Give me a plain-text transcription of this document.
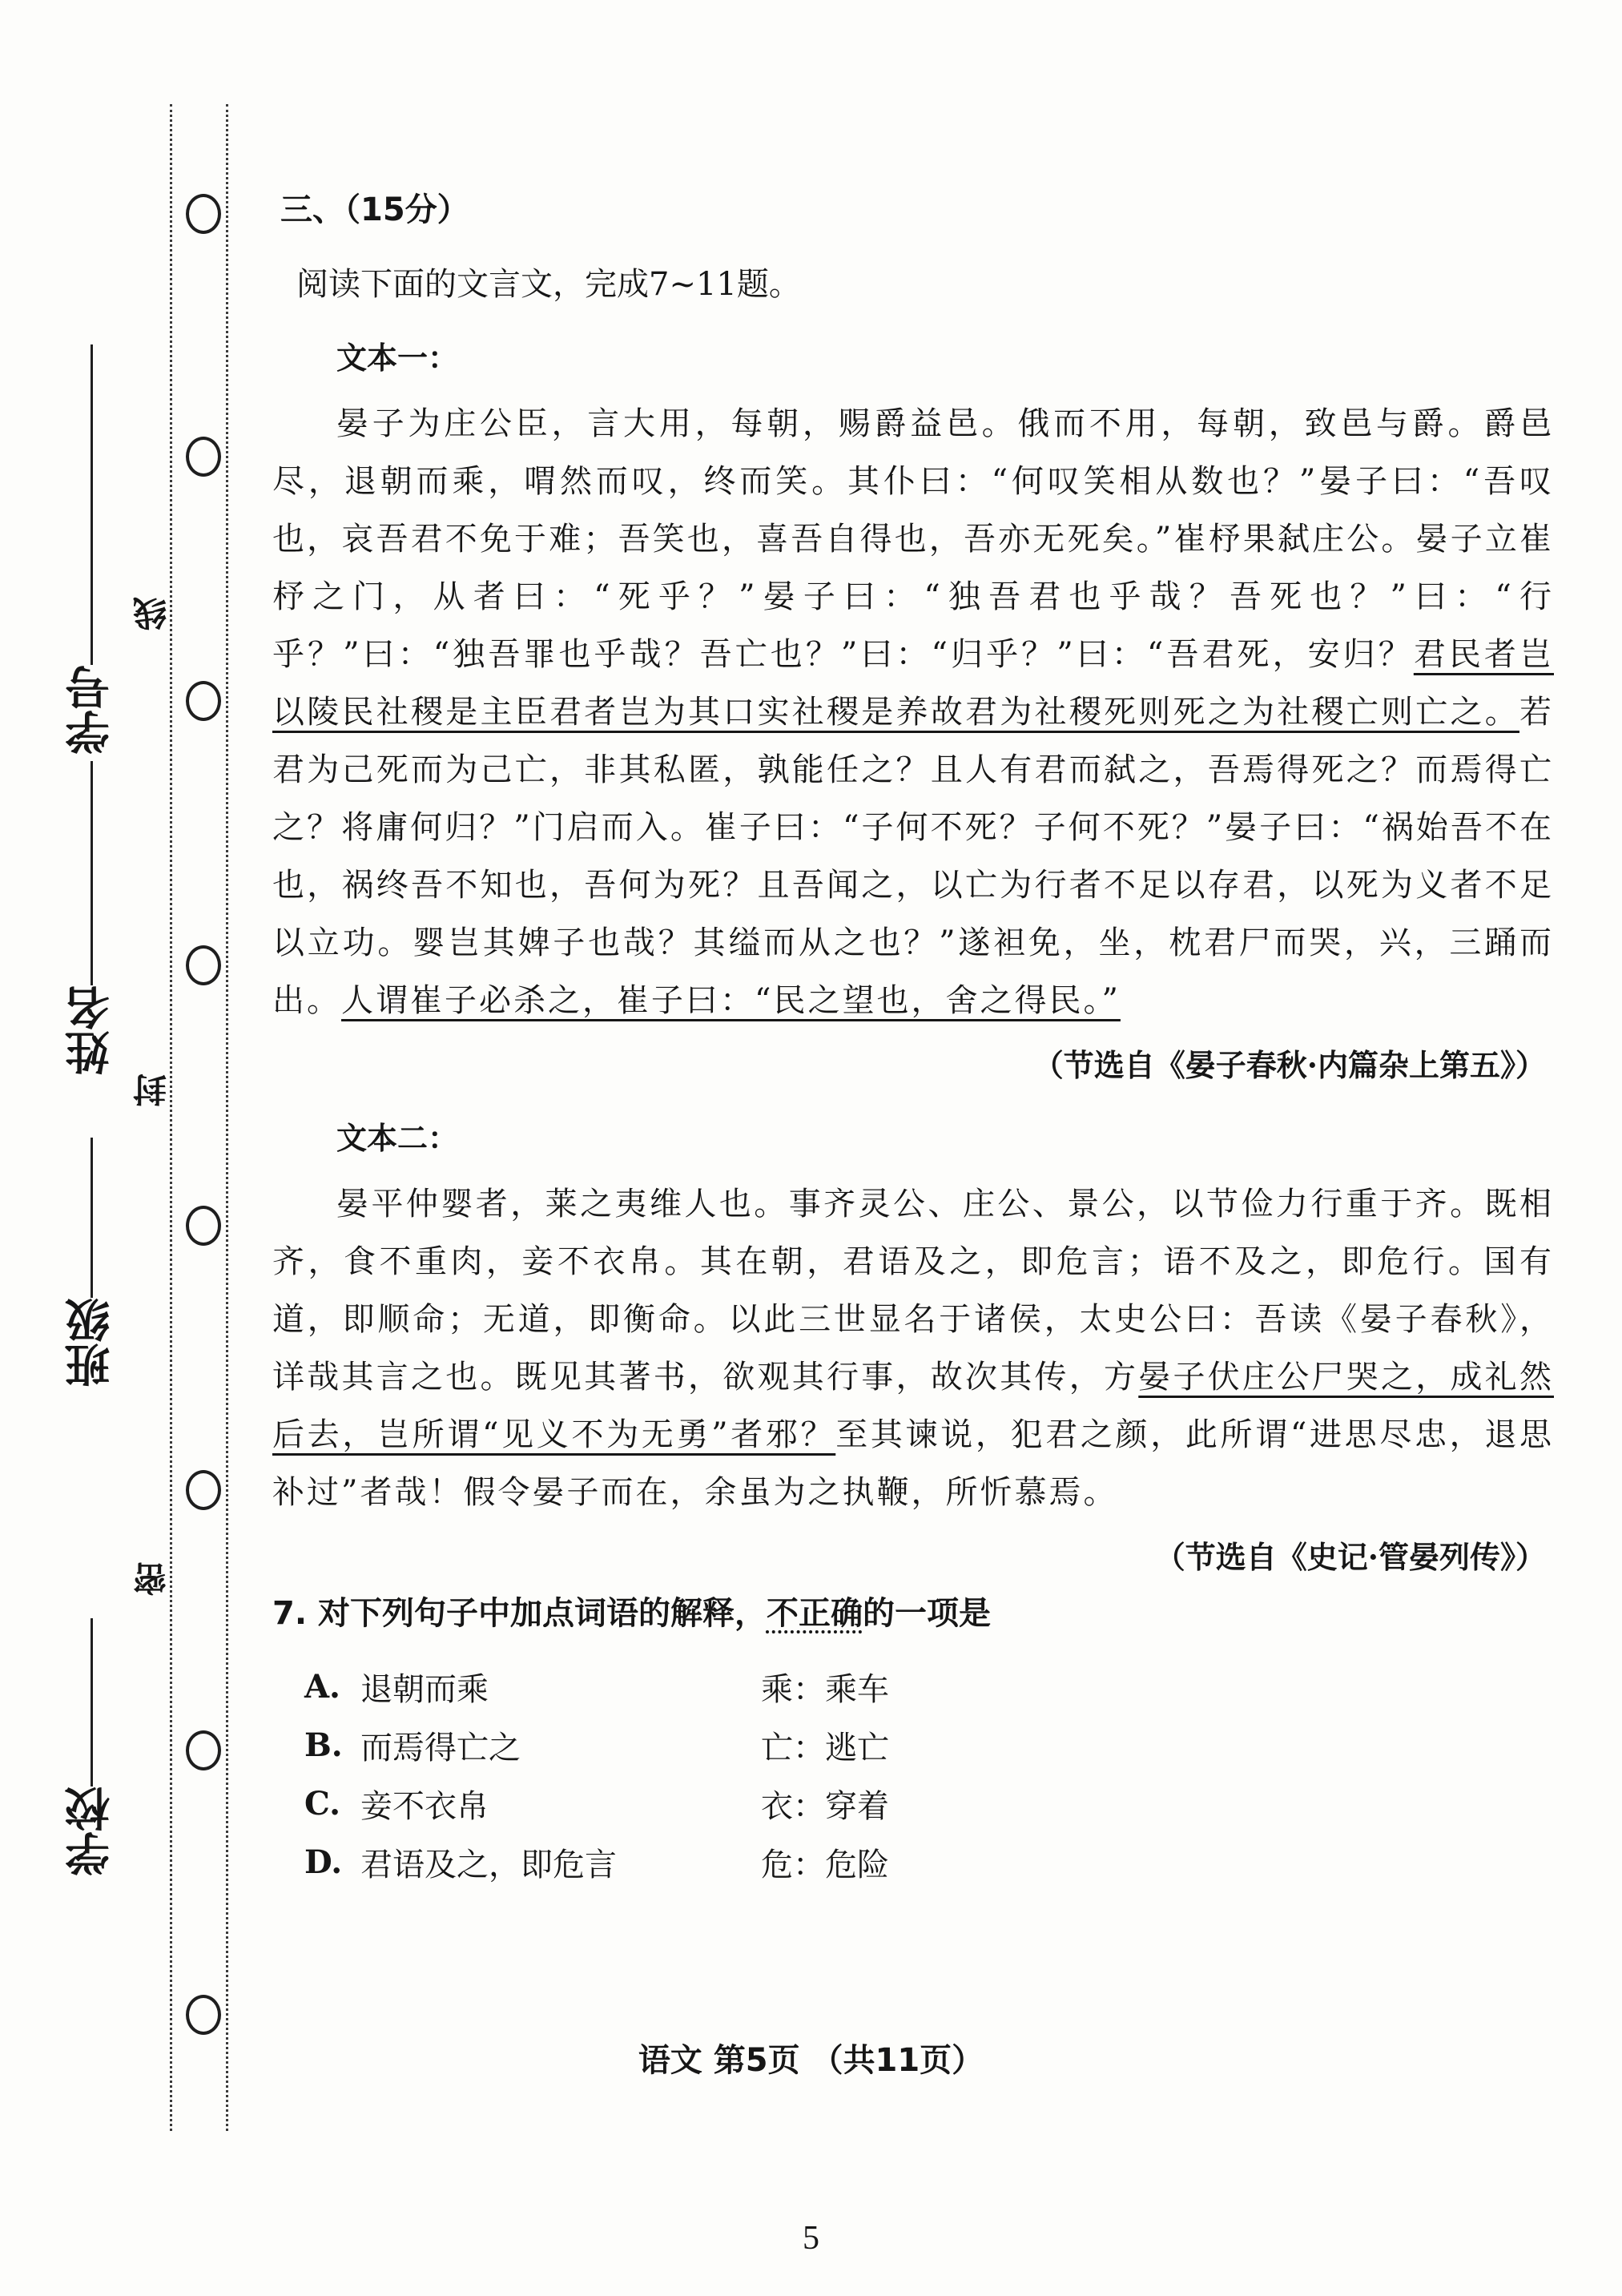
学号
姓名
班级
学校
线
封
密
三、（15分）
阅读下面的文言文，完成7~11题。
文本一：

晏子为庄公臣，言大用，每朝，赐爵益邑。俄而不用，每朝，致邑与爵。爵邑尽，退朝而乘，喟然而叹，终而笑。其仆曰：“何叹笑相从数也？”晏子曰：“吾叹也，哀吾君不免于难；吾笑也，喜吾自得也，吾亦无死矣。”崔杼果弑庄公。晏子立崔杼之门，从者曰：“死乎？”晏子曰：“独吾君也乎哉？吾死也？”曰：“行乎？”曰：“独吾罪也乎哉？吾亡也？”曰：“归乎？”曰：“吾君死，安归？君民者岂以陵民社稷是主臣君者岂为其口实社稷是养故君为社稷死则死之为社稷亡则亡之。若君为己死而为己亡，非其私匿，孰能任之？且人有君而弑之，吾焉得死之？而焉得亡之？将庸何归？”门启而入。崔子曰：“子何不死？子何不死？”晏子曰：“祸始吾不在也，祸终吾不知也，吾何为死？且吾闻之，以亡为行者不足以存君，以死为义者不足以立功。婴岂其婢子也哉？其缢而从之也？”遂袒免，坐，枕君尸而哭，兴，三踊而出。人谓崔子必杀之，崔子曰：“民之望也，舍之得民。”

（节选自《晏子春秋·内篇杂上第五》）
文本二：

晏平仲婴者，莱之夷维人也。事齐灵公、庄公、景公，以节俭力行重于齐。既相齐，食不重肉，妾不衣帛。其在朝，君语及之，即危言；语不及之，即危行。国有道，即顺命；无道，即衡命。以此三世显名于诸侯，太史公曰：吾读《晏子春秋》，详哉其言之也。既见其著书，欲观其行事，故次其传，方晏子伏庄公尸哭之，成礼然后去，岂所谓“见义不为无勇”者邪？至其谏说，犯君之颜，此所谓“进思尽忠，退思补过”者哉！假令晏子而在，余虽为之执鞭，所忻慕焉。

（节选自《史记·管晏列传》）
7. 对下列句子中加点词语的解释，不正确的一项是
A. 退朝而乘	乘：乘车
B. 而焉得亡之	亡：逃亡
C. 妾不衣帛	衣：穿着
D. 君语及之，即危言	危：危险
语文 第5页 （共11页）
5
